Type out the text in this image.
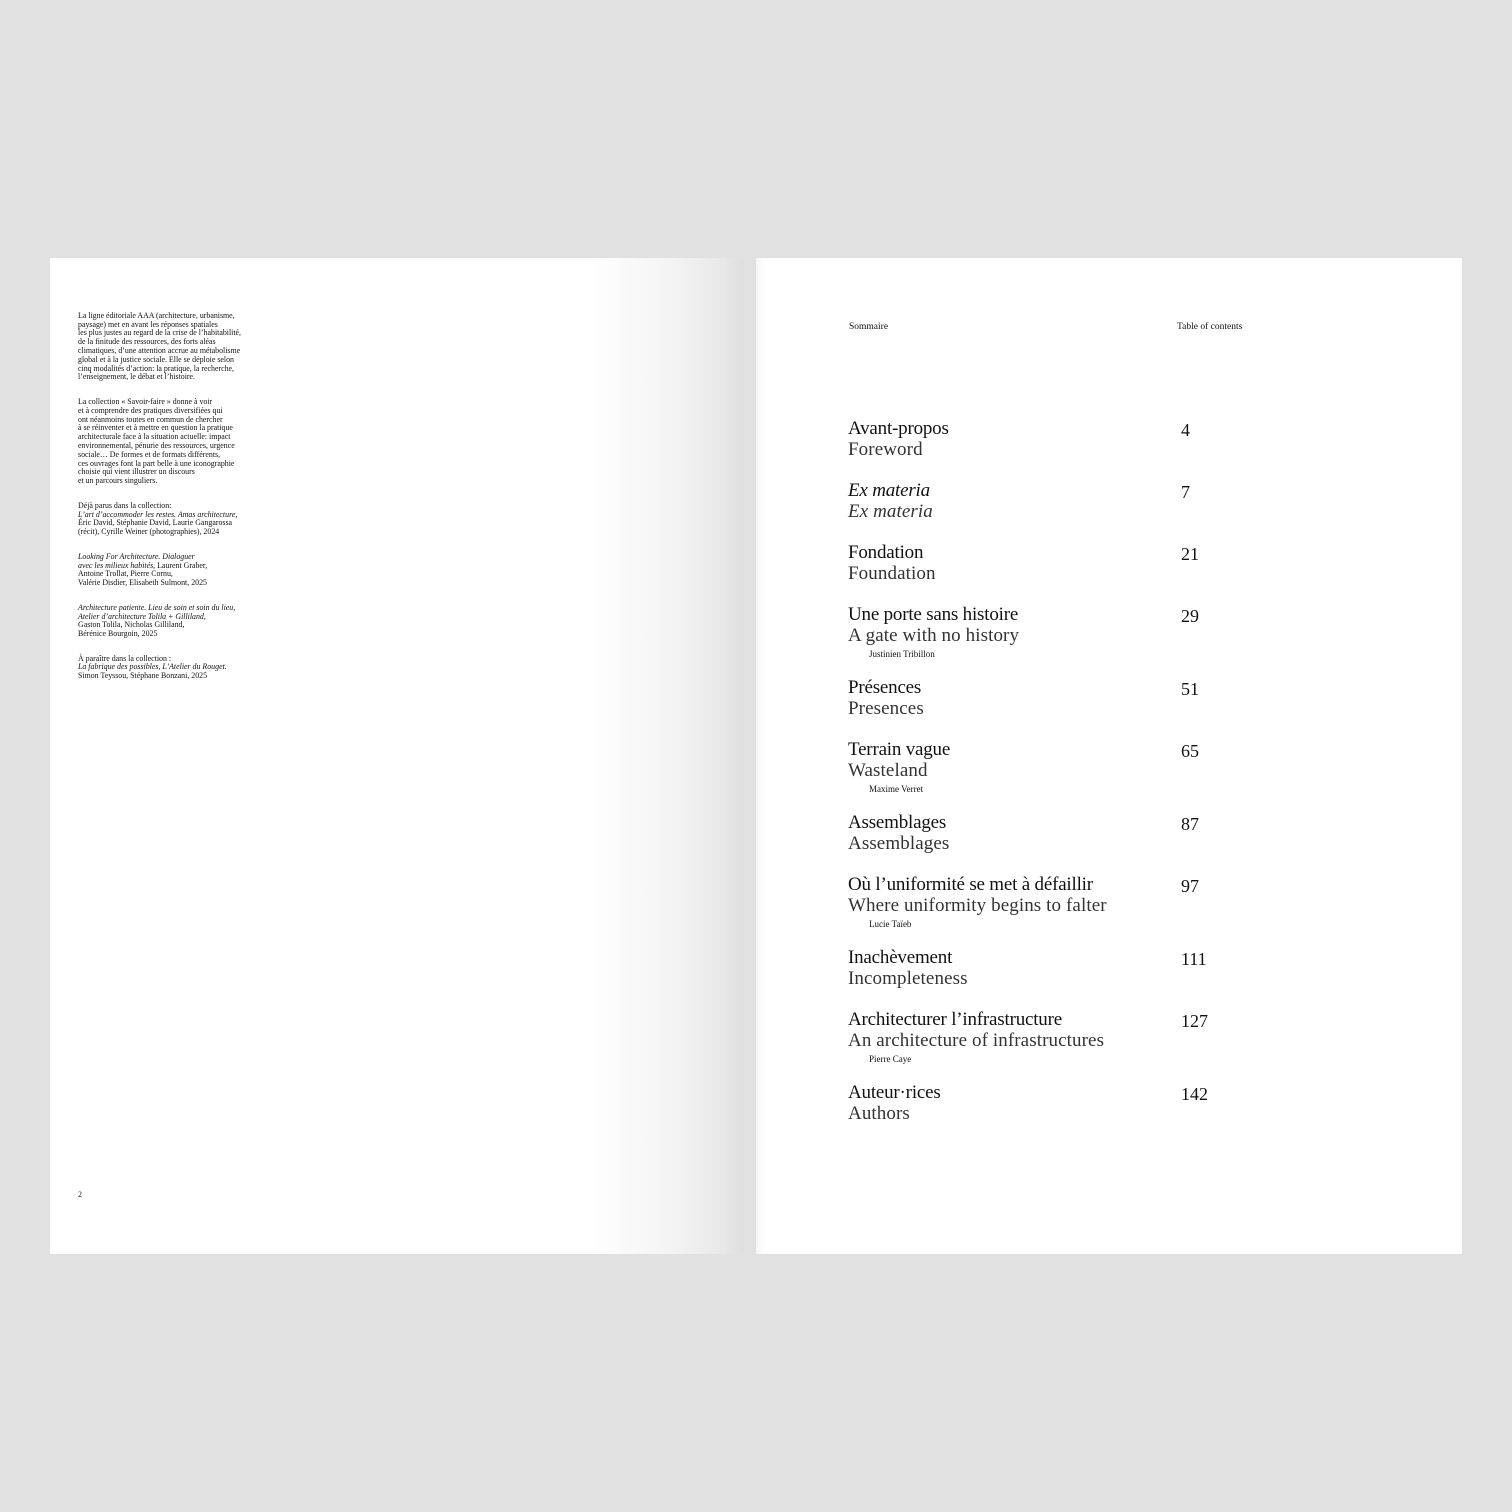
La ligne éditoriale AAA (architecture, urbanisme,
paysage) met en avant les réponses spatiales
les plus justes au regard de la crise de l’habitabilité,
de la finitude des ressources, des forts aléas
climatiques, d’une attention accrue au métabolisme
global et à la justice sociale. Elle se déploie selon
cinq modalités d’action: la pratique, la recherche,
l’enseignement, le débat et l’histoire.

La collection « Savoir-faire » donne à voir
et à comprendre des pratiques diversifiées qui
ont néanmoins toutes en commun de chercher
à se réinventer et à mettre en question la pratique
architecturale face à la situation actuelle: impact
environnemental, pénurie des ressources, urgence
sociale… De formes et de formats différents,
ces ouvrages font la part belle à une iconographie
choisie qui vient illustrer un discours
et un parcours singuliers.

Déjà parus dans la collection:
L’art d’accommoder les restes. Amas architecture,
Éric David, Stéphanie David, Laurie Gangarossa
(récit), Cyrille Weiner (photographies), 2024

Looking For Architecture. Dialoguer
avec les milieux habités, Laurent Graber,
Antoine Trollat, Pierre Cornu,
Valérie Disdier, Elisabeth Sulmont, 2025

Architecture patiente. Lieu de soin et soin du lieu,
Atelier d’architecture Tolila + Gilliland,
Gaston Tolila, Nicholas Gilliland,
Bérénice Bourgoin, 2025

À paraître dans la collection :
La fabrique des possibles, L’Atelier du Rouget.
Simon Teyssou, Stéphane Bonzani, 2025

2
Sommaire	Table of contents
Avant-propos
Foreword
4
Ex materia
Ex materia
7
Fondation
Foundation
21
Une porte sans histoire
A gate with no history
Justinien Tribillon
29
Présences
Presences
51
Terrain vague
Wasteland
Maxime Verret
65
Assemblages
Assemblages
87
Où l’uniformité se met à défaillir
Where uniformity begins to falter
Lucie Taïeb
97
Inachèvement
Incompleteness
111
Architecturer l’infrastructure
An architecture of infrastructures
Pierre Caye
127
Auteur·rices
Authors
142
